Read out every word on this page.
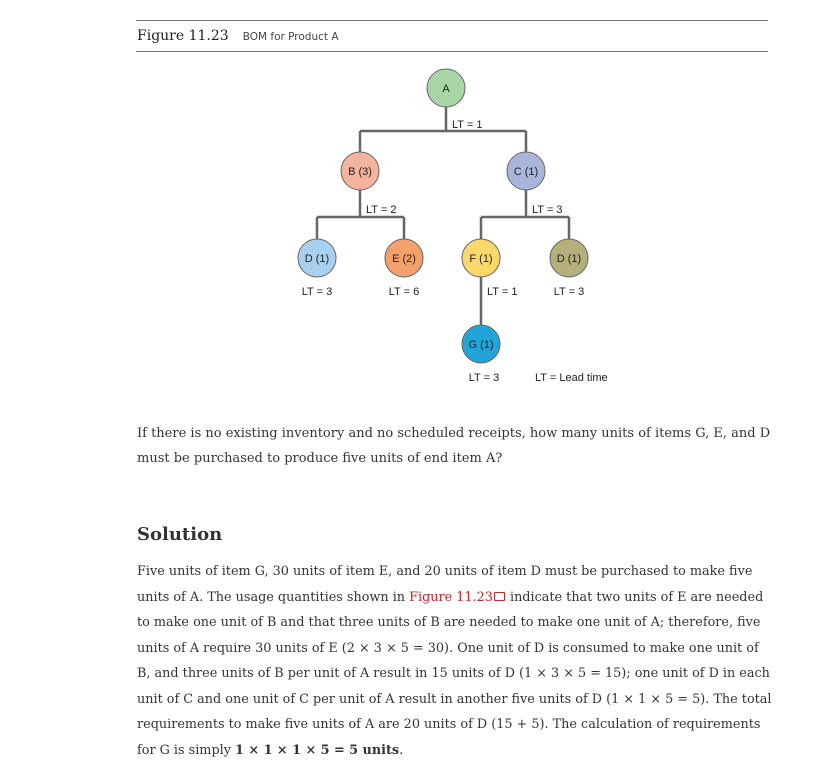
Figure 11.23 BOM for Product A
A
B (3)	C (1)
D (1)	E (2)	F (1)	D (1)
G (1)
LT = 1
LT = 2	LT = 3
LT = 3	LT = 6	LT = 1	LT = 3
LT = 3	LT = Lead time

If there is no existing inventory and no scheduled receipts, how many units of items G, E, and D must be purchased to produce five units of end item A?

Solution

Five units of item G, 30 units of item E, and 20 units of item D must be purchased to make five units of A. The usage quantities shown in Figure 11.23 indicate that two units of E are needed to make one unit of B and that three units of B are needed to make one unit of A; therefore, five units of A require 30 units of E (2 × 3 × 5 = 30). One unit of D is consumed to make one unit of B, and three units of B per unit of A result in 15 units of D (1 × 3 × 5 = 15); one unit of D in each unit of C and one unit of C per unit of A result in another five units of D (1 × 1 × 5 = 5). The total requirements to make five units of A are 20 units of D (15 + 5). The calculation of requirements for G is simply 1 × 1 × 1 × 5 = 5 units.
